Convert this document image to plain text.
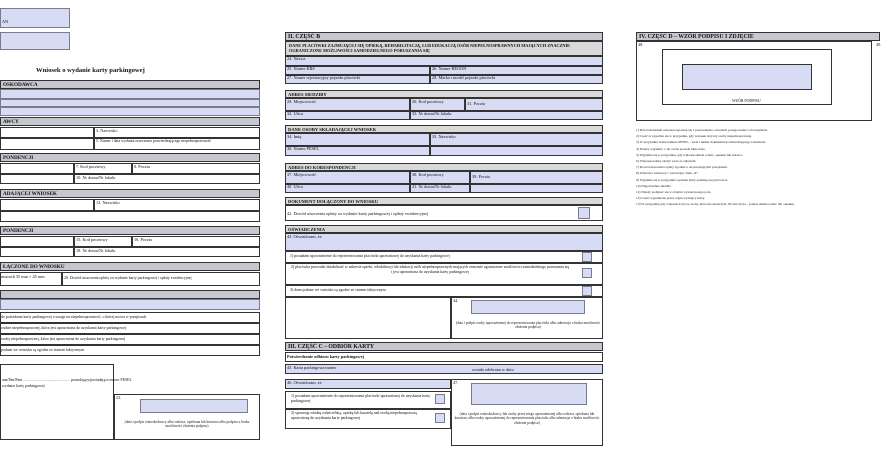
AN
Wniosek o wydanie karty parkingowej
OSKODAWCA
AWCY
3. Nazwisko
5. Numer i data wydania orzeczenia potwierdzającego niepełnosprawność
PONDENCJI
7. Kod pocztowy	8. Poczta
10. Nr domu/Nr lokalu
ADAJĄCEJ WNIOSEK
12. Nazwisko
PONDENCJI
15. Kod pocztowy	16. Poczta
18. Nr domu/Nr lokalu
ŁĄCZONE DO WNIOSKU
miarach 35 mm × 45 mm	20. Dowód uiszczenia opłaty za wydanie karty parkingowej i opłaty ewidencyjnej
do posiadania karty parkingowej z uwagi na niepełnosprawność, o której mowa w przepisach
osobie niepełnosprawnej, która jest uprawniona do uzyskania karty parkingowej
osoby niepełnosprawnej, która jest uprawniona do uzyskania karty parkingowej
podane we wniosku są zgodne ze stanem faktycznym
ana/Pan/Pani ................................................ posiadający/posiadająca numer PESEL
wydanie karty parkingowej
23.
(data i podpis wnioskodawcy albo rodzica, opiekuna lub kuratora albo podpisu z braku możliwości złożenia podpisu)
II. CZĘŚĆ B
DANE PLACÓWKI ZAJMUJĄCEJ SIĘ OPIEKĄ, REHABILITACJĄ, LUB EDUKACJĄ OSÓB NIEPEŁNOSPRAWNYCH MAJĄCYCH ZNACZNIE OGRANICZONE MOŻLIWOŚCI SAMODZIELNEGO PORUSZANIA SIĘ
24. Nazwa
25. Numer KRS	26. Numer REGON
27. Numer rejestracyjny pojazdu placówki	28. Marka i model pojazdu placówki
ADRES SIEDZIBY
29. Miejscowość	30. Kod pocztowy	31. Poczta
32. Ulica	33. Nr domu/Nr lokalu
DANE OSOBY SKŁADAJĄCEJ WNIOSEK
34. Imię	35. Nazwisko
36. Numer PESEL
ADRES DO KORESPONDENCJI
37. Miejscowość	38. Kod pocztowy	39. Poczta
40. Ulica	41. Nr domu/Nr lokalu
DOKUMENT DOŁĄCZONY DO WNIOSKU
42. Dowód uiszczenia opłaty za wydanie karty parkingowej i opłaty ewidencyjnej
OŚWIADCZENIA
43. Oświadczam, że
1) posiadam upoważnienie do reprezentowania placówki uprawnionej do uzyskania karty parkingowej
2) placówka prowadzi działalność w zakresie opieki, rehabilitacji lub edukacji osób niepełnosprawnych mających znacznie ograniczone możliwości samodzielnego poruszania się i jest uprawniona do uzyskania karty parkingowej
3) dane podane we wniosku są zgodne ze stanem faktycznym
44.
(data i podpis osoby upoważnionej do reprezentowania placówki albo adnotacja o braku możliwości złożenia podpisu)
III. CZĘŚĆ C – ODBIÓR KARTY
Potwierdzenie odbioru karty parkingowej
45. Karta parkingowa numer	została odebrana w dniu
46. Oświadczam, że	47.
(data i podpis wnioskodawcy lub osoby przez niego upoważnionej albo rodzica, opiekuna lub kuratora, albo osoby upoważnionej do reprezentowania placówki albo adnotacja o braku możliwości złożenia podpisu)
1) posiadam upoważnienie do reprezentowania placówki uprawnionej do uzyskania karty parkingowej
2) sprawuję władzę rodzicielską, opiekę lub kuratelę nad osobą niepełnosprawną uprawnioną do uzyskania karty parkingowej
IV. CZĘŚĆ D – WZÓR PODPISU I ZDJĘCIE
48.	49.
WZÓR PODPISU
1) Przed złożeniem wniosku zapoznaj się z pouczeniem o zasadach postępowania i obowiązkach.
2) Część A wypełnia się w przypadku, gdy wniosek dotyczy osoby niepełnosprawnej.
3) W przypadku braku numeru PESEL – seria i numer dokumentu potwierdzającego tożsamość.
4) Należy wypełnić, o ile osoba posiada takie dane.
5) Wypełnia się w przypadku, gdy wniosek składa rodzic, opiekun lub kurator.
6) Wniosek należy złożyć wraz ze zdjęciem.
7) Dowód uiszczenia opłaty zgodnie z obowiązującymi przepisami.
8) Właściwe zaznaczyć, wstawiając znak „X”.
9) Wypełnia się w przypadku wydania karty parkingowej placówce.
10) Niepotrzebne skreślić.
11) Należy podpisać się w obrębie wyznaczonego pola.
12) Część wypełniana przez organ wydający kartę.
13) W przypadku gdy wniosek dotyczy osoby, która nie ukończyła 18 roku życia – podpis składa rodzic lub opiekun.
